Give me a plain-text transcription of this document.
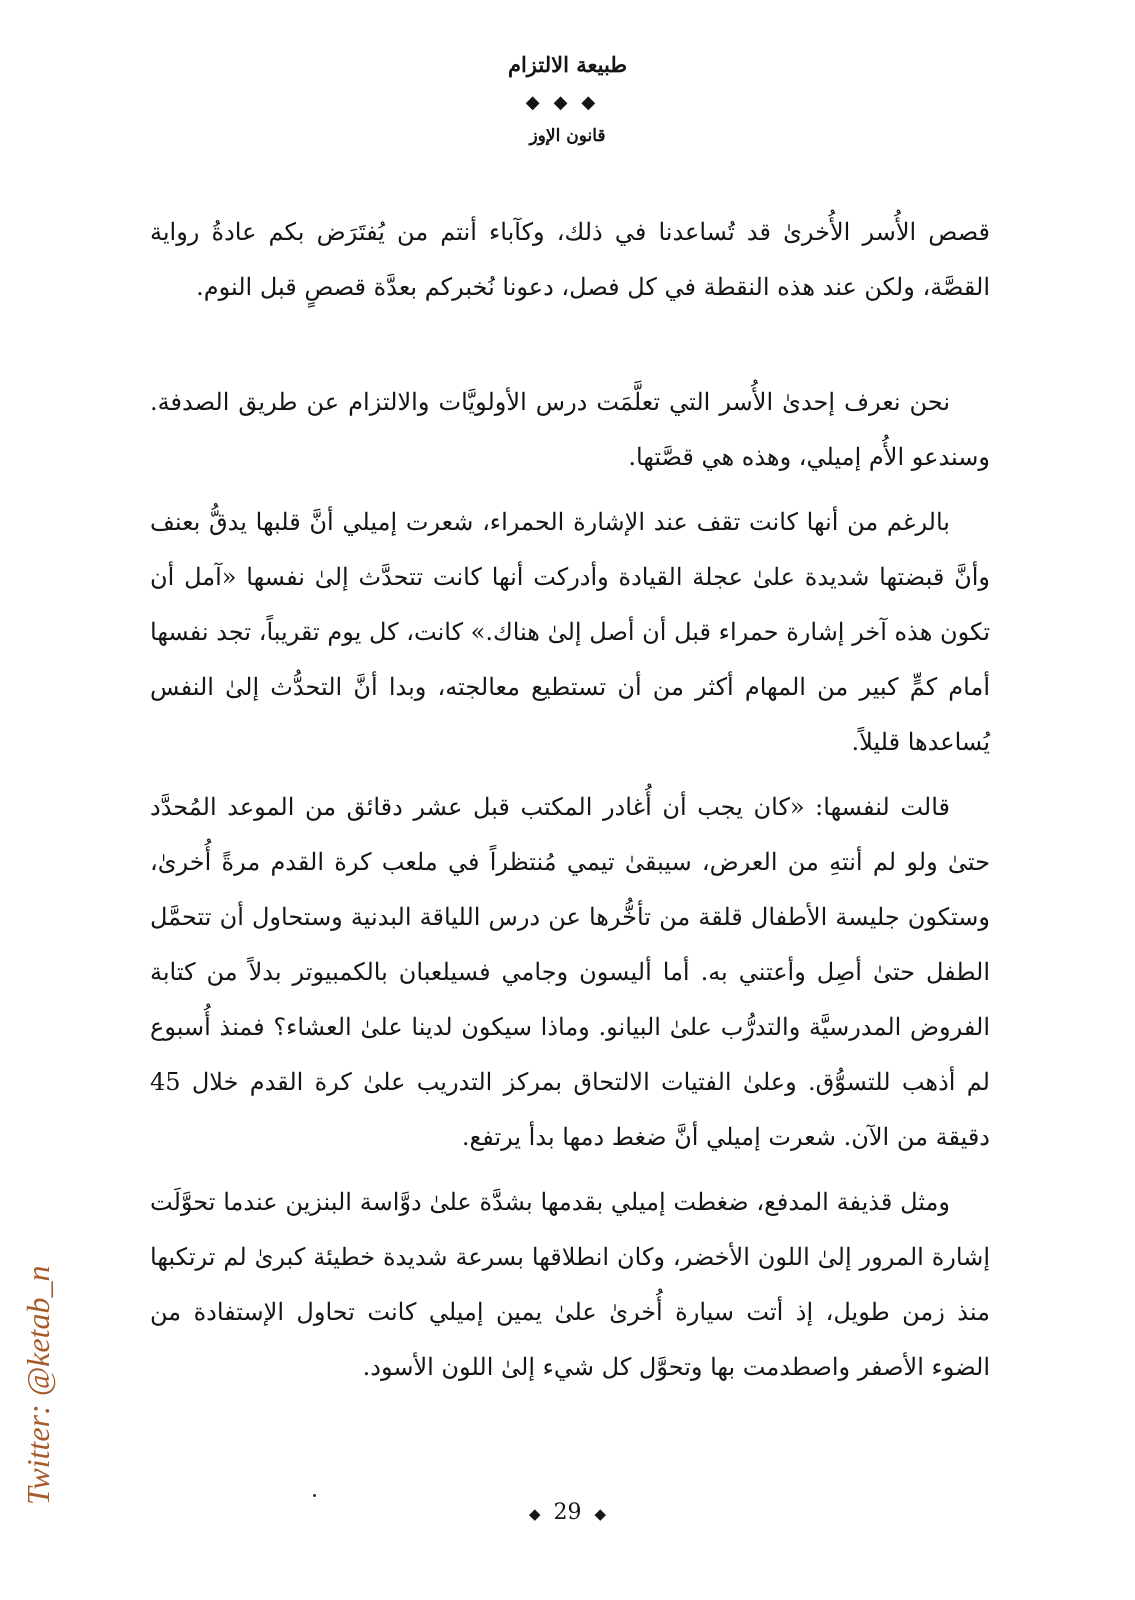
طبيعة الالتزام
◆◆◆
قانون الإوز

قصص الأُسر الأُخرىٰ قد تُساعدنا في ذلك، وكآباء أنتم من يُفتَرَض بكم عادةُ رواية القصَّة، ولكن عند هذه النقطة في كل فصل، دعونا نُخبركم بعدَّة قصصٍ قبل النوم.

نحن نعرف إحدىٰ الأُسر التي تعلَّمَت درس الأولويَّات والالتزام عن طريق الصدفة. وسندعو الأُم إميلي، وهذه هي قصَّتها.

بالرغم من أنها كانت تقف عند الإشارة الحمراء، شعرت إميلي أنَّ قلبها يدقُّ بعنف وأنَّ قبضتها شديدة علىٰ عجلة القيادة وأدركت أنها كانت تتحدَّث إلىٰ نفسها «آمل أن تكون هذه آخر إشارة حمراء قبل أن أصل إلىٰ هناك.» كانت، كل يوم تقريباً، تجد نفسها أمام كمٍّ كبير من المهام أكثر من أن تستطيع معالجته، وبدا أنَّ التحدُّث إلىٰ النفس يُساعدها قليلاً.

قالت لنفسها: «كان يجب أن أُغادر المكتب قبل عشر دقائق من الموعد المُحدَّد حتىٰ ولو لم أنتهِ من العرض، سيبقىٰ تيمي مُنتظراً في ملعب كرة القدم مرةً أُخرىٰ، وستكون جليسة الأطفال قلقة من تأخُّرها عن درس اللياقة البدنية وستحاول أن تتحمَّل الطفل حتىٰ أصِل وأعتني به. أما أليسون وجامي فسيلعبان بالكمبيوتر بدلاً من كتابة الفروض المدرسيَّة والتدرُّب علىٰ البيانو. وماذا سيكون لدينا علىٰ العشاء؟ فمنذ أُسبوع لم أذهب للتسوُّق. وعلىٰ الفتيات الالتحاق بمركز التدريب علىٰ كرة القدم خلال 45 دقيقة من الآن. شعرت إميلي أنَّ ضغط دمها بدأ يرتفع.

ومثل قذيفة المدفع، ضغطت إميلي بقدمها بشدَّة علىٰ دوَّاسة البنزين عندما تحوَّلَت إشارة المرور إلىٰ اللون الأخضر، وكان انطلاقها بسرعة شديدة خطيئة كبرىٰ لم ترتكبها منذ زمن طويل، إذ أتت سيارة أُخرىٰ علىٰ يمين إميلي كانت تحاول الإستفادة من الضوء الأصفر واصطدمت بها وتحوَّل كل شيء إلىٰ اللون الأسود.

◆ 29 ◆
Twitter: @ketab_n
